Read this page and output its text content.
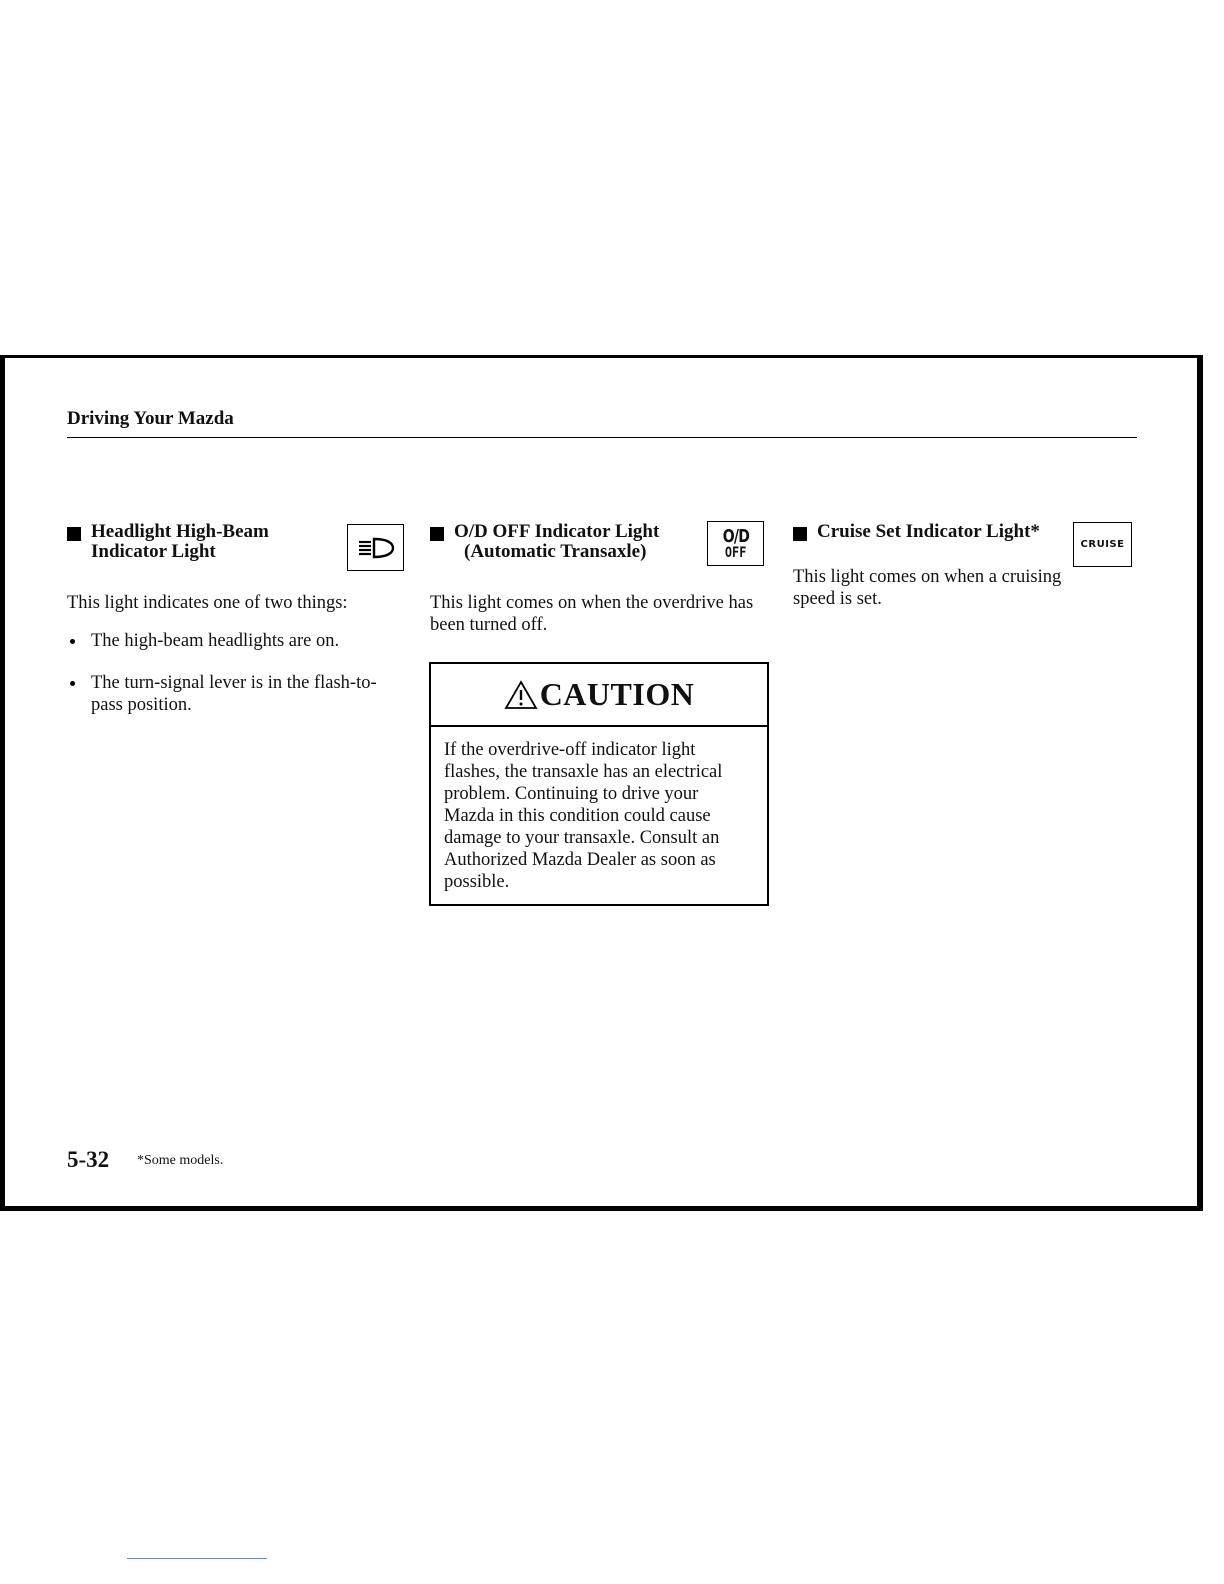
Driving Your Mazda
Headlight High-Beam
Indicator Light
This light indicates one of two things:
The high-beam headlights are on.
The turn-signal lever is in the flash-to-pass position.
O/D OFF Indicator Light
(Automatic Transaxle)
O/D
OFF
This light comes on when the overdrive has been turned off.
CAUTION
If the overdrive-off indicator light flashes, the transaxle has an electrical problem. Continuing to drive your Mazda in this condition could cause damage to your transaxle. Consult an Authorized Mazda Dealer as soon as possible.
Cruise Set Indicator Light*
CRUISE
This light comes on when a cruising speed is set.
5-32 *Some models.
